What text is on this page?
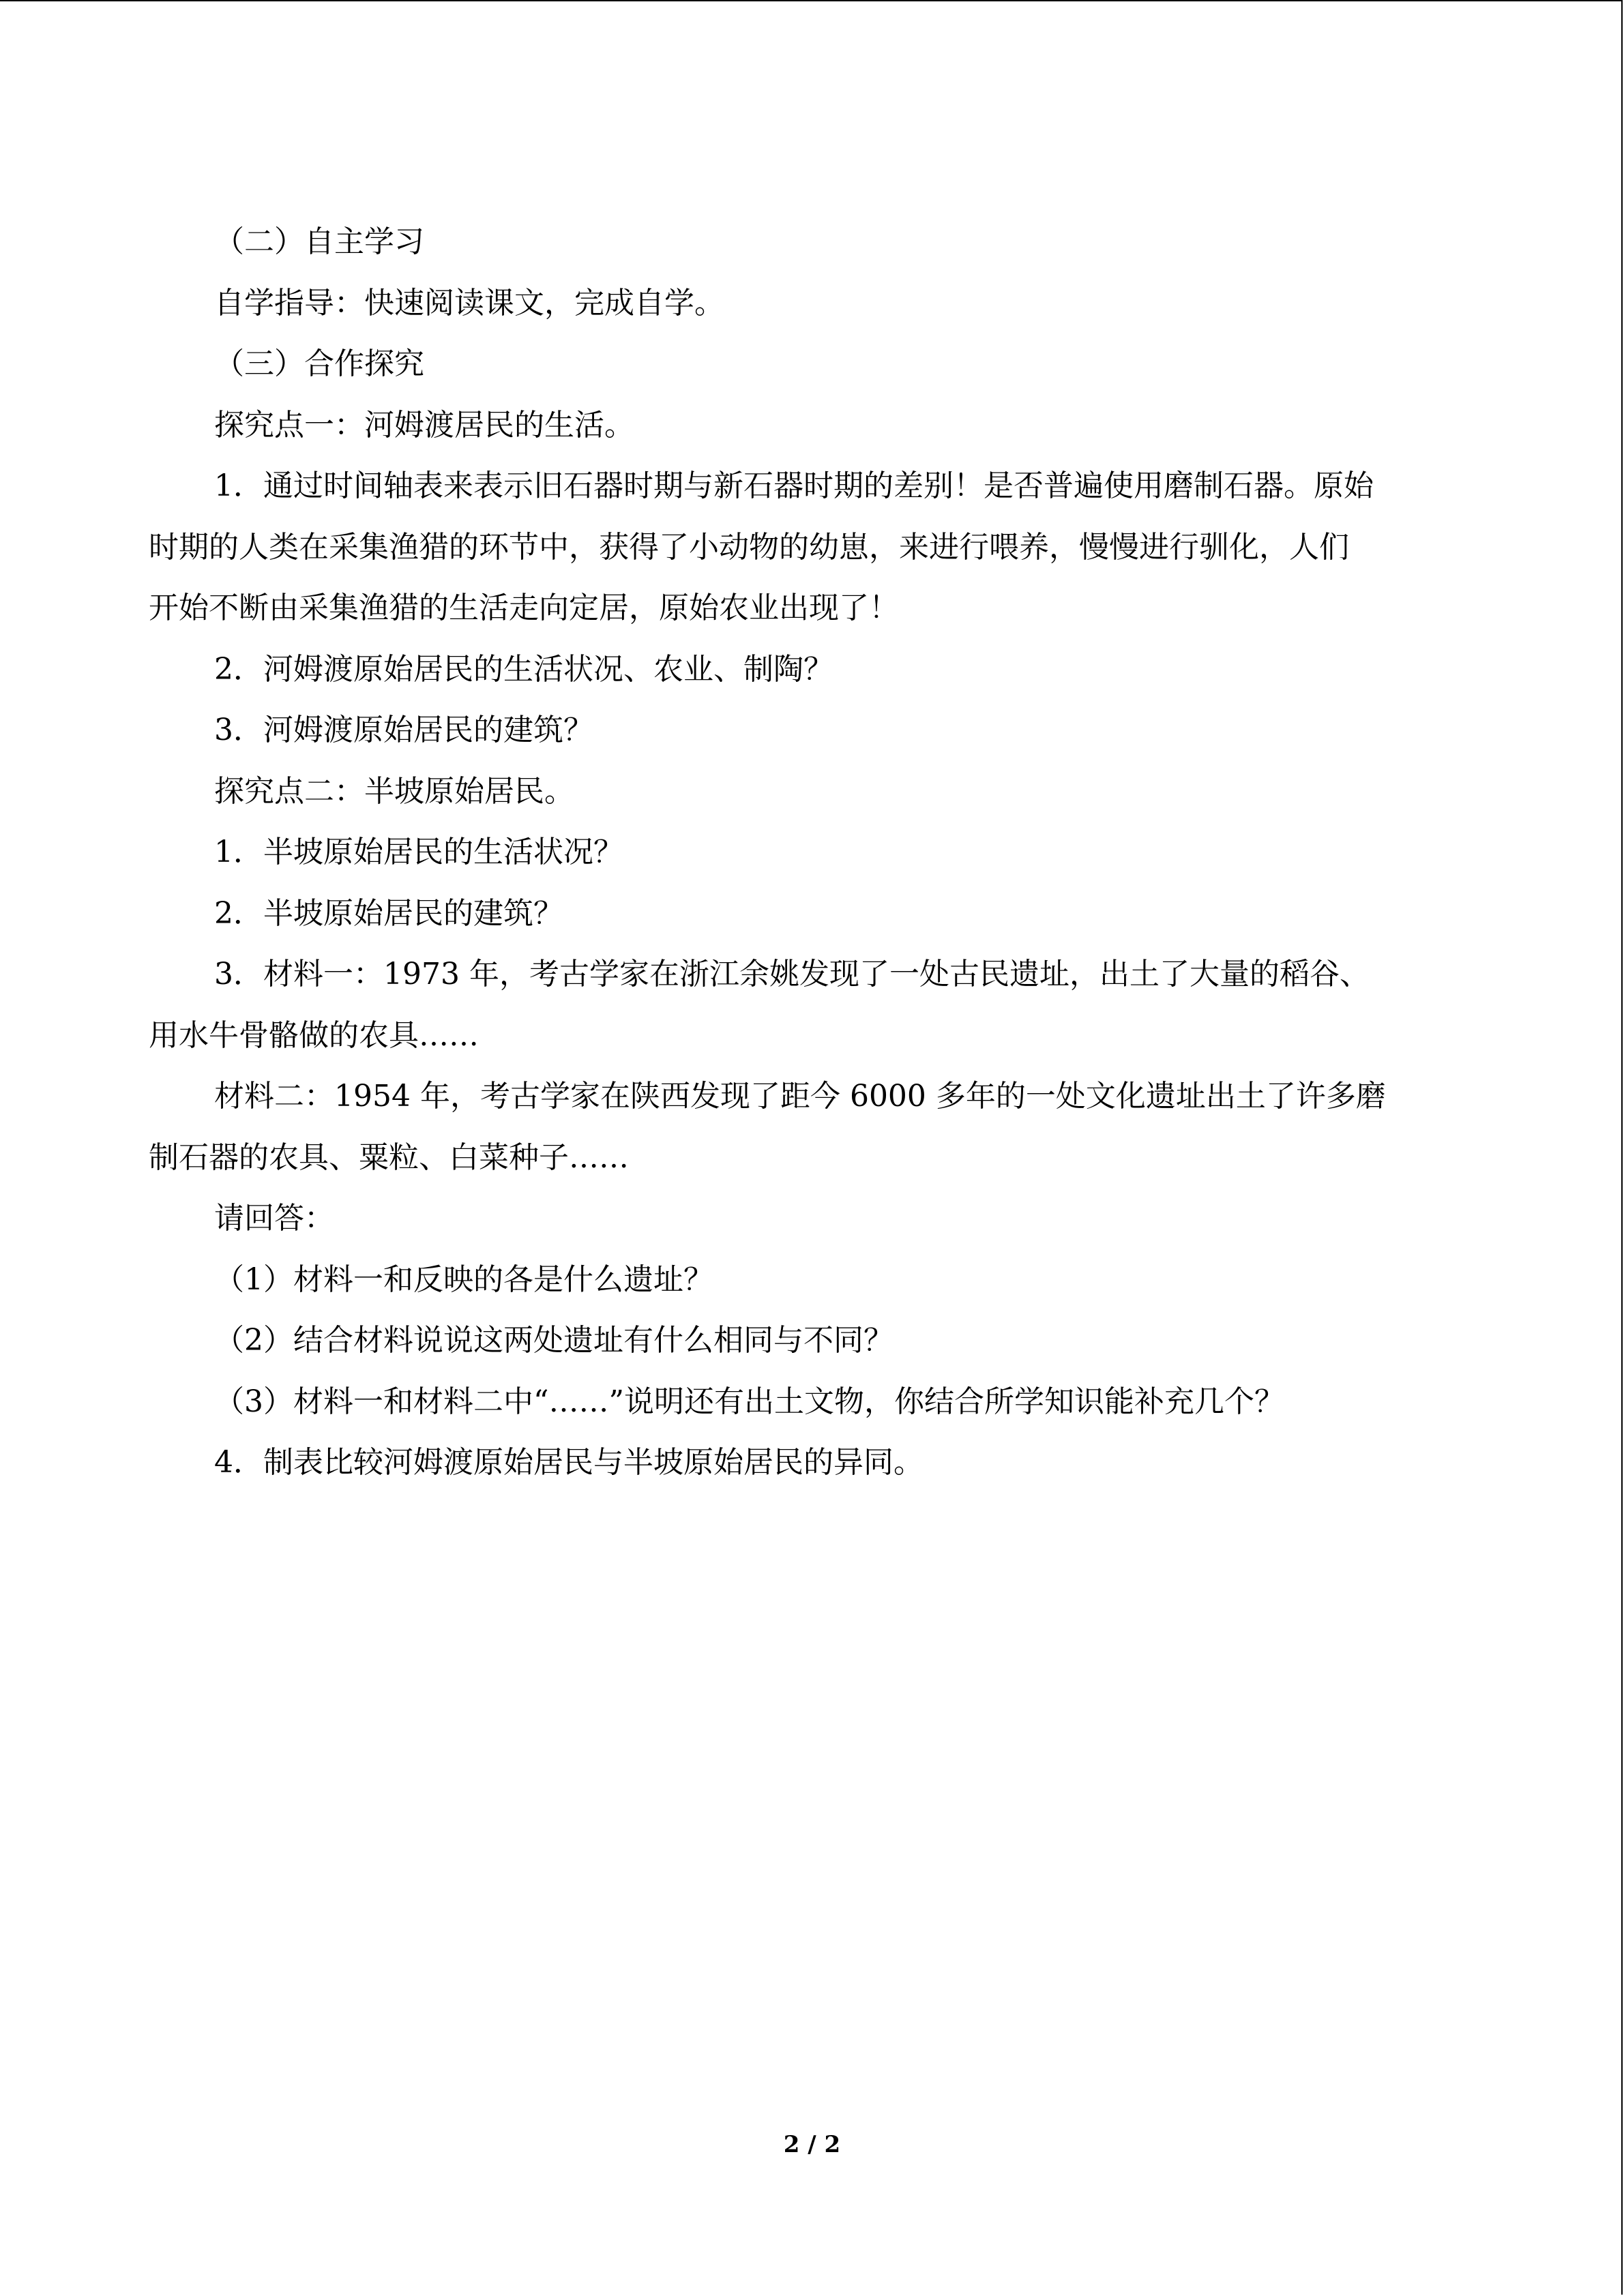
（二）自主学习

自学指导：快速阅读课文，完成自学。

（三）合作探究

探究点一：河姆渡居民的生活。

1．通过时间轴表来表示旧石器时期与新石器时期的差别！是否普遍使用磨制石器。原始

时期的人类在采集渔猎的环节中，获得了小动物的幼崽，来进行喂养，慢慢进行驯化，人们

开始不断由采集渔猎的生活走向定居，原始农业出现了！

2．河姆渡原始居民的生活状况、农业、制陶？

3．河姆渡原始居民的建筑？

探究点二：半坡原始居民。

1．半坡原始居民的生活状况？

2．半坡原始居民的建筑？

3．材料一：1973 年，考古学家在浙江余姚发现了一处古民遗址，出土了大量的稻谷、

用水牛骨骼做的农具……

材料二：1954 年，考古学家在陕西发现了距今 6000 多年的一处文化遗址出土了许多磨

制石器的农具、粟粒、白菜种子……

请回答：

（1）材料一和反映的各是什么遗址？

（2）结合材料说说这两处遗址有什么相同与不同？

（3）材料一和材料二中“……”说明还有出土文物，你结合所学知识能补充几个？

4．制表比较河姆渡原始居民与半坡原始居民的异同。

2 / 2
